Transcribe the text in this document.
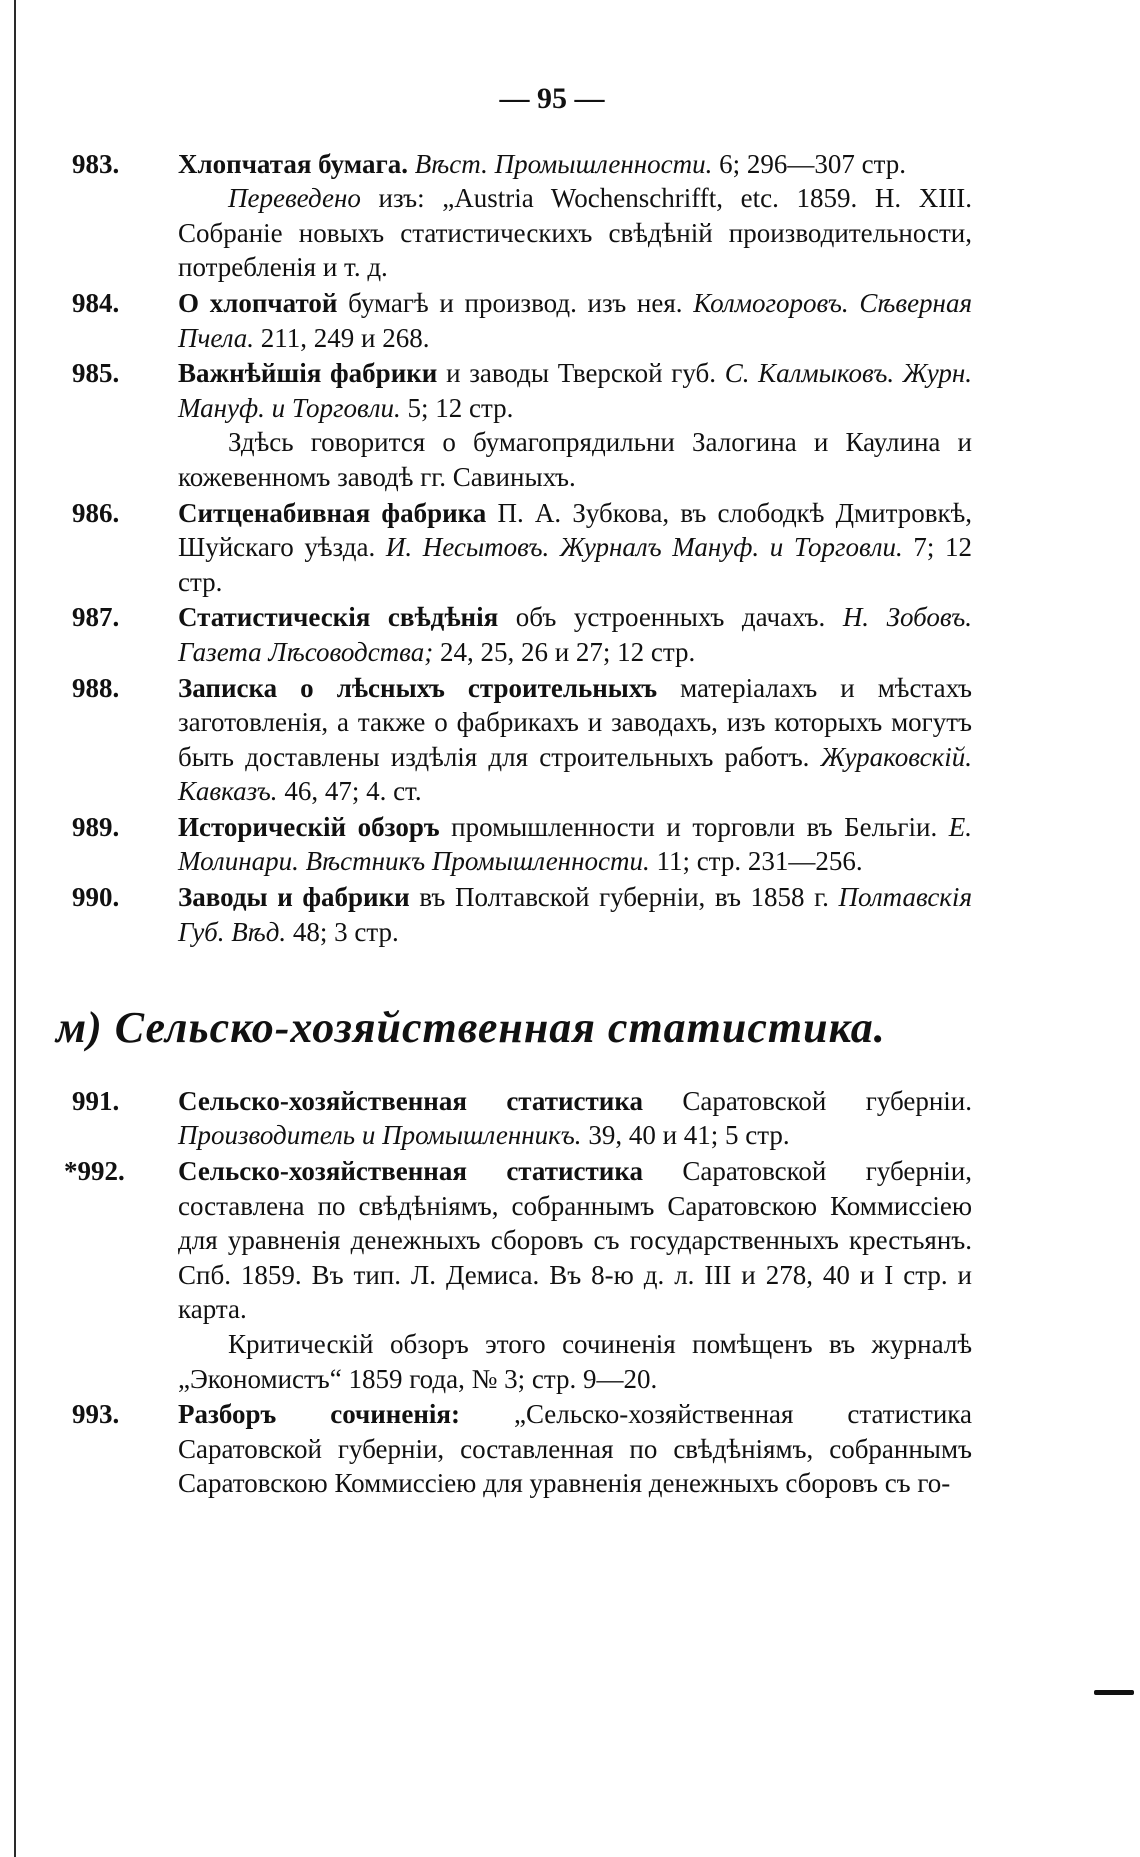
— 95 —
983.	Хлопчатая бумага. Вѣст. Промышленности. 6; 296—307 стр.
Переведено изъ: „Austria Wochenschrifft, etc. 1859. Н. XIII. Собраніе новыхъ статистическихъ свѣдѣній производительности, потребленія и т. д.
984.	О хлопчатой бумагѣ и производ. изъ нея. Колмогоровъ. Сѣверная Пчела. 211, 249 и 268.
985.	Важнѣйшія фабрики и заводы Тверской губ. С. Калмыковъ. Журн. Мануф. и Торговли. 5; 12 стр.
Здѣсь говорится о бумагопрядильни Залогина и Каулина и кожевенномъ заводѣ гг. Савиныхъ.
986.	Ситценабивная фабрика П. А. Зубкова, въ слободкѣ Дмитровкѣ, Шуйскаго уѣзда. И. Несытовъ. Журналъ Мануф. и Торговли. 7; 12 стр.
987.	Статистическія свѣдѣнія объ устроенныхъ дачахъ. Н. Зобовъ. Газета Лѣсоводства; 24, 25, 26 и 27; 12 стр.
988.	Записка о лѣсныхъ строительныхъ матеріалахъ и мѣстахъ заготовленія, а также о фабрикахъ и заводахъ, изъ которыхъ могутъ быть доставлены издѣлія для строительныхъ работъ. Жураковскій. Кавказъ. 46, 47; 4. ст.
989.	Историческій обзоръ промышленности и торговли въ Бельгіи. Е. Молинари. Вѣстникъ Промышленности. 11; стр. 231—256.
990.	Заводы и фабрики въ Полтавской губерніи, въ 1858 г. Полтавскія Губ. Вѣд. 48; 3 стр.
м) Сельско-хозяйственная статистика.
991.	Сельско-хозяйственная статистика Саратовской губерніи. Производитель и Промышленникъ. 39, 40 и 41; 5 стр.
*992.	Сельско-хозяйственная статистика Саратовской губерніи, составлена по свѣдѣніямъ, собраннымъ Саратовскою Коммиссіею для уравненія денежныхъ сборовъ съ государственныхъ крестьянъ. Спб. 1859. Въ тип. Л. Демиса. Въ 8-ю д. л. III и 278, 40 и I стр. и карта.
Критическій обзоръ этого сочиненія помѣщенъ въ журналѣ „Экономистъ“ 1859 года, № 3; стр. 9—20.
993.	Разборъ сочиненія: „Сельско-хозяйственная статистика Саратовской губерніи, составленная по свѣдѣніямъ, собраннымъ Саратовскою Коммиссіею для уравненія денежныхъ сборовъ съ го-
